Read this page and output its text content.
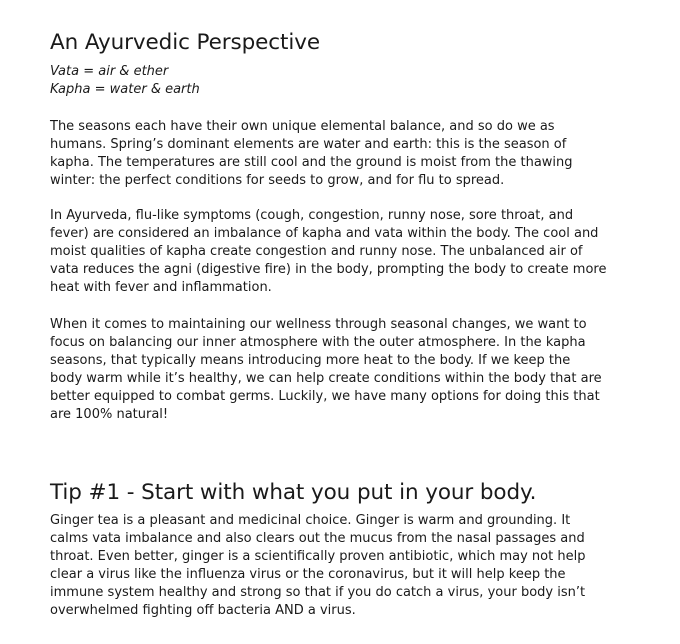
An Ayurvedic Perspective
Vata = air & ether
Kapha = water & earth

The seasons each have their own unique elemental balance, and so do we as
humans. Spring’s dominant elements are water and earth: this is the season of
kapha. The temperatures are still cool and the ground is moist from the thawing
winter: the perfect conditions for seeds to grow, and for flu to spread.

In Ayurveda, flu-like symptoms (cough, congestion, runny nose, sore throat, and
fever) are considered an imbalance of kapha and vata within the body. The cool and
moist qualities of kapha create congestion and runny nose. The unbalanced air of
vata reduces the agni (digestive fire) in the body, prompting the body to create more
heat with fever and inflammation.

When it comes to maintaining our wellness through seasonal changes, we want to
focus on balancing our inner atmosphere with the outer atmosphere. In the kapha
seasons, that typically means introducing more heat to the body. If we keep the
body warm while it’s healthy, we can help create conditions within the body that are
better equipped to combat germs. Luckily, we have many options for doing this that
are 100% natural!

Tip #1 - Start with what you put in your body.

Ginger tea is a pleasant and medicinal choice. Ginger is warm and grounding. It
calms vata imbalance and also clears out the mucus from the nasal passages and
throat. Even better, ginger is a scientifically proven antibiotic, which may not help
clear a virus like the influenza virus or the coronavirus, but it will help keep the
immune system healthy and strong so that if you do catch a virus, your body isn’t
overwhelmed fighting off bacteria AND a virus.
